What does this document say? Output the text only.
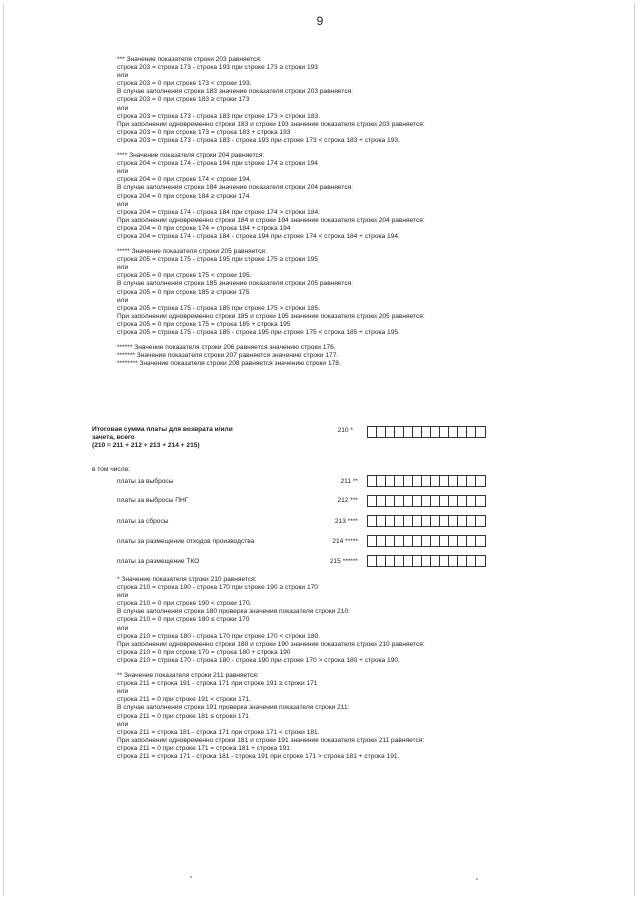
9
*** Значение показателя строки 203 равняется:
строка 203 = строка 173 - строка 193 при строке 173 ≥ строки 193
или
строка 203 = 0 при строке 173 < строки 193.
В случае заполнения строки 183 значение показателя строки 203 равняется:
строка 203 = 0 при строке 183 ≥ строки 173
или
строка 203 = строка 173 - строка 183 при строке 173 > строки 183.
При заполнении одновременно строки 183 и строки 193 значение показателя строки 203 равняется:
строка 203 = 0 при строке 173 = строка 183 + строка 193
строка 203 = строка 173 - строка 183 - строка 193 при строке 173 < строка 183 + строка 193.
**** Значение показателя строки 204 равняется:
строка 204 = строка 174 - строка 194 при строке 174 ≥ строки 194
или
строка 204 = 0 при строке 174 < строки 194.
В случае заполнения строки 184 значение показателя строки 204 равняется:
строка 204 = 0 при строке 184 ≥ строки 174
или
строка 204 = строка 174 - строка 184 при строке 174 > строки 184.
При заполнении одновременно строки 184 и строки 194 значение показателя строки 204 равняется:
строка 204 = 0 при строке 174 = строка 184 + строка 194
строка 204 = строка 174 - строка 184 - строка 194 при строке 174 < строка 184 + строка 194.
***** Значение показателя строки 205 равняется:
строка 205 = строка 175 - строка 195 при строке 175 ≥ строки 195
или
строка 205 = 0 при строке 175 < строки 195.
В случае заполнения строки 185 значение показателя строки 205 равняется:
строка 205 = 0 при строке 185 ≥ строки 175
или
строка 205 = строка 175 - строка 185 при строке 175 > строки 185.
При заполнении одновременно строки 185 и строки 195 значение показателя строки 205 равняется:
строка 205 = 0 при строке 175 = строка 185 + строка 195
строка 205 = строка 175 - строка 185 - строка 195 при строке 175 < строка 185 + строка 195.
****** Значение показателя строки 206 равняется значению строки 176.
******* Значение показателя строки 207 равняется значению строки 177.
******** Значение показателя строки 208 равняется значению строки 178.
Итоговая сумма платы для возврата и/или
зачета, всего
(210 = 211 + 212 + 213 + 214 + 215)
210 *
в том числе:
платы за выбросы	211 **
платы за выбросы ПНГ	212 ***
платы за сбросы	213 ****
платы за размещение отходов производства	214 *****
платы за размещение ТКО	215 ******
* Значение показателя строки 210 равняется:
строка 210 = строка 190 - строка 170 при строке 190 ≥ строки 170
или
строка 210 = 0 при строке 190 < строки 170.
В случае заполнения строки 180 проверка значения показателя строки 210:
строка 210 = 0 при строке 180 ≤ строки 170
или
строка 210 = строка 180 - строка 170 при строке 170 < строки 180.
При заполнении одновременно строки 180 и строки 190 значение показателя строки 210 равняется:
строка 210 = 0 при строке 170 = строка 180 + строка 190
строка 210 = строка 170 - строка 180 - строка 190 при строке 170 > строка 180 + строка 190.
** Значение показателя строки 211 равняется:
строка 211 = строка 191 - строка 171 при строке 191 ≥ строки 171
или
строка 211 = 0 при строке 191 < строки 171.
В случае заполнения строки 191 проверка значения показателя строки 211:
строка 211 = 0 при строке 181 ≤ строки 171
или
строка 211 = строка 181 - строка 171 при строке 171 < строки 181.
При заполнении одновременно строки 181 и строки 191 значение показателя строки 211 равняется:
строка 211 = 0 при строке 171 = строка 181 + строка 191
строка 211 = строка 171 - строка 181 - строка 191 при строке 171 > строка 181 + строка 191.
